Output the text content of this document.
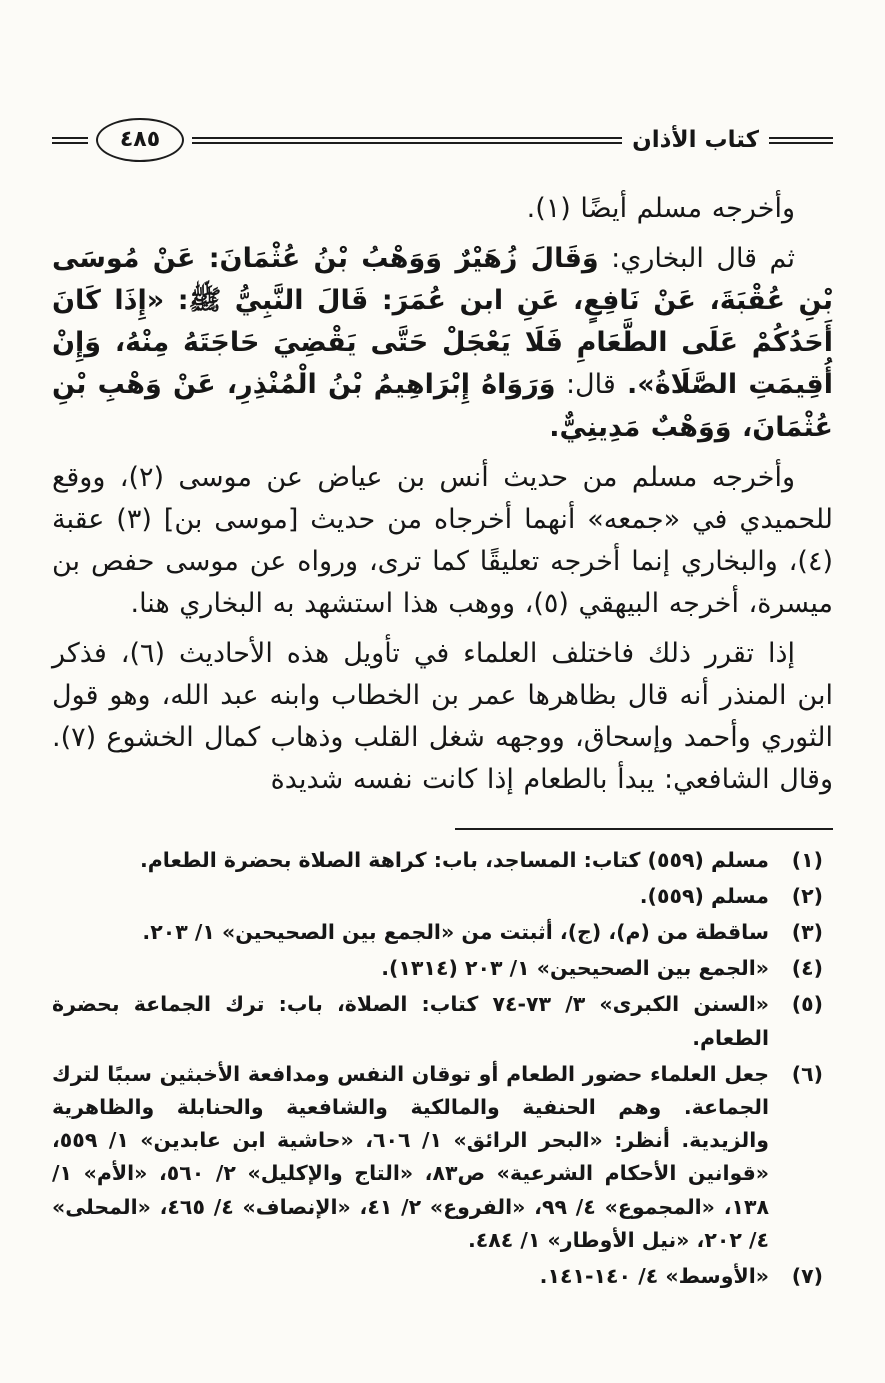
كتاب الأذان
٤٨٥

وأخرجه مسلم أيضًا (١).

ثم قال البخاري: وَقَالَ زُهَيْرٌ وَوَهْبُ بْنُ عُثْمَانَ: عَنْ مُوسَى بْنِ عُقْبَةَ، عَنْ نَافِعٍ، عَنِ ابن عُمَرَ: قَالَ النَّبِيُّ ﷺ: «إِذَا كَانَ أَحَدُكُمْ عَلَى الطَّعَامِ فَلَا يَعْجَلْ حَتَّى يَقْضِيَ حَاجَتَهُ مِنْهُ، وَإِنْ أُقِيمَتِ الصَّلَاةُ». قال: وَرَوَاهُ إِبْرَاهِيمُ بْنُ الْمُنْذِرِ، عَنْ وَهْبِ بْنِ عُثْمَانَ، وَوَهْبٌ مَدِينِيٌّ.

وأخرجه مسلم من حديث أنس بن عياض عن موسى (٢)، ووقع للحميدي في «جمعه» أنهما أخرجاه من حديث [موسى بن] (٣) عقبة (٤)، والبخاري إنما أخرجه تعليقًا كما ترى، ورواه عن موسى حفص بن ميسرة، أخرجه البيهقي (٥)، ووهب هذا استشهد به البخاري هنا.

إذا تقرر ذلك فاختلف العلماء في تأويل هذه الأحاديث (٦)، فذكر ابن المنذر أنه قال بظاهرها عمر بن الخطاب وابنه عبد الله، وهو قول الثوري وأحمد وإسحاق، ووجهه شغل القلب وذهاب كمال الخشوع (٧). وقال الشافعي: يبدأ بالطعام إذا كانت نفسه شديدة

(١)
مسلم (٥٥٩) كتاب: المساجد، باب: كراهة الصلاة بحضرة الطعام.
(٢)
مسلم (٥٥٩).
(٣)
ساقطة من (م)، (ج)، أثبتت من «الجمع بين الصحيحين» ١/ ٢٠٣.
(٤)
«الجمع بين الصحيحين» ١/ ٢٠٣ (١٣١٤).
(٥)
«السنن الكبرى» ٣/ ٧٣-٧٤ كتاب: الصلاة، باب: ترك الجماعة بحضرة الطعام.
(٦)
جعل العلماء حضور الطعام أو توقان النفس ومدافعة الأخبثين سببًا لترك الجماعة. وهم الحنفية والمالكية والشافعية والحنابلة والظاهرية والزيدية. أنظر: «البحر الرائق» ١/ ٦٠٦، «حاشية ابن عابدين» ١/ ٥٥٩، «قوانين الأحكام الشرعية» ص٨٣، «التاج والإكليل» ٢/ ٥٦٠، «الأم» ١/ ١٣٨، «المجموع» ٤/ ٩٩، «الفروع» ٢/ ٤١، «الإنصاف» ٤/ ٤٦٥، «المحلى» ٤/ ٢٠٢، «نيل الأوطار» ١/ ٤٨٤.
(٧)
«الأوسط» ٤/ ١٤٠-١٤١.
